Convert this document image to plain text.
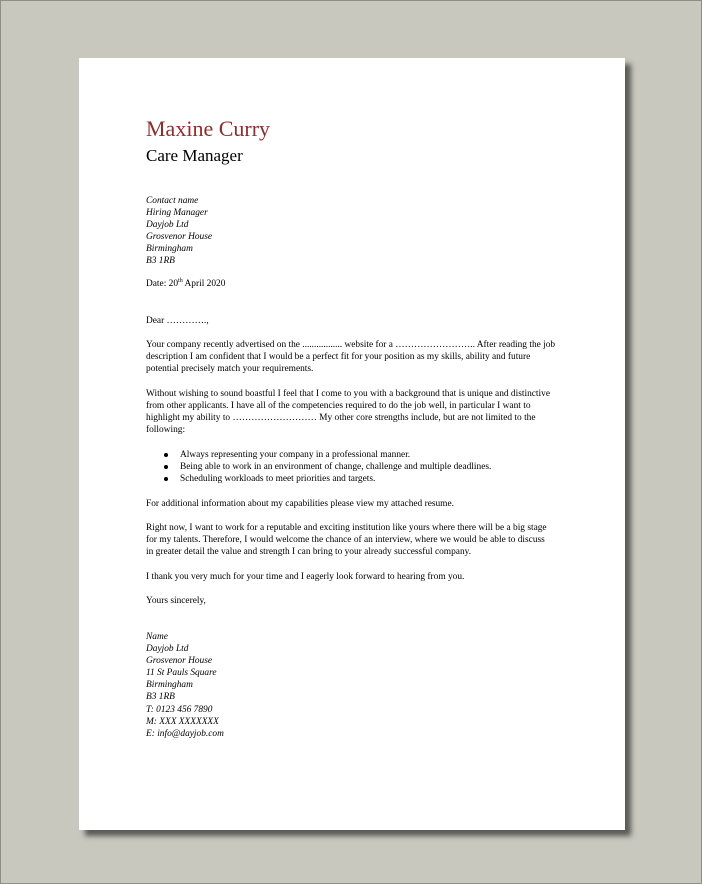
Maxine Curry
Care Manager
Contact name
Hiring Manager
Dayjob Ltd
Grosvenor House
Birmingham
B3 1RB
Date: 20th April 2020
Dear ………….,
Your company recently advertised on the ................. website for a …………………….. After reading the job
description I am confident that I would be a perfect fit for your position as my skills, ability and future
potential precisely match your requirements.
Without wishing to sound boastful I feel that I come to you with a background that is unique and distinctive
from other applicants. I have all of the competencies required to do the job well, in particular I want to
highlight my ability to ……………………… My other core strengths include, but are not limited to the
following:
Always representing your company in a professional manner.
Being able to work in an environment of change, challenge and multiple deadlines.
Scheduling workloads to meet priorities and targets.
For additional information about my capabilities please view my attached resume.
Right now, I want to work for a reputable and exciting institution like yours where there will be a big stage
for my talents. Therefore, I would welcome the chance of an interview, where we would be able to discuss
in greater detail the value and strength I can bring to your already successful company.
I thank you very much for your time and I eagerly look forward to hearing from you.
Yours sincerely,
Name
Dayjob Ltd
Grosvenor House
11 St Pauls Square
Birmingham
B3 1RB
T: 0123 456 7890
M: XXX XXXXXXX
E: info@dayjob.com
